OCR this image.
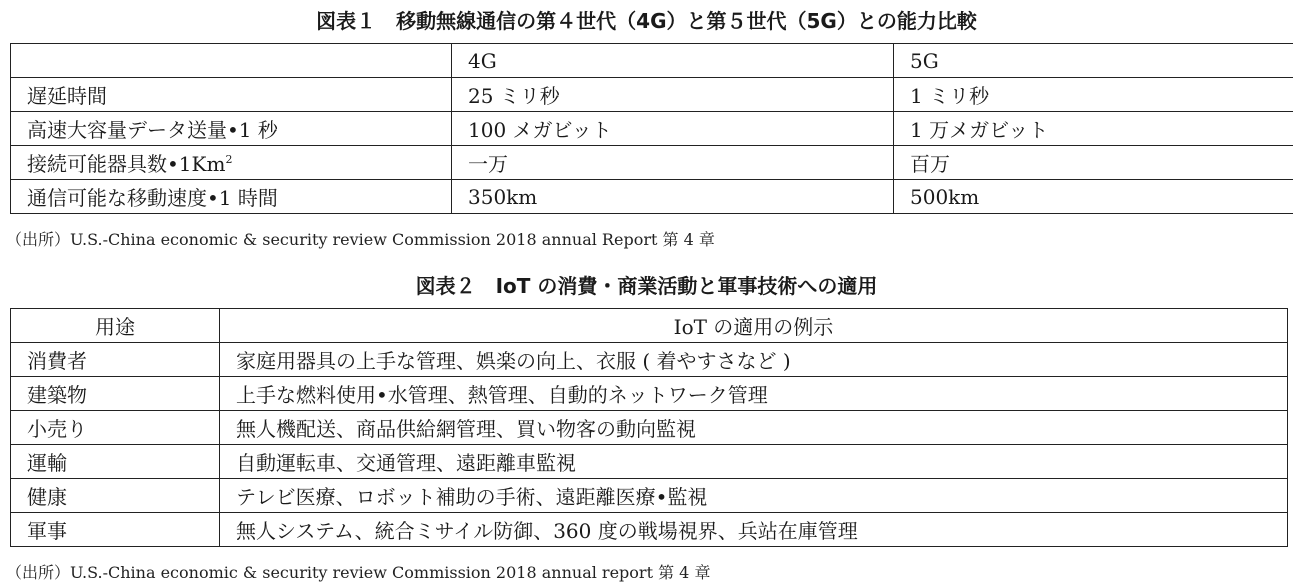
図表１　移動無線通信の第４世代（4G）と第５世代（5G）との能力比較
	4G	5G
遅延時間	25 ミリ秒	1 ミリ秒
高速大容量データ送量•1 秒	100 メガビット	1 万メガビット
接続可能器具数•1Km$^2$	一万	百万
通信可能な移動速度•1 時間	350km	500km
（出所）U.S.-China economic & security review Commission 2018 annual Report 第 4 章
図表２　IoT の消費・商業活動と軍事技術への適用
用途	IoT の適用の例示
消費者	家庭用器具の上手な管理、娯楽の向上、衣服 ( 着やすさなど )
建築物	上手な燃料使用•水管理、熱管理、自動的ネットワーク管理
小売り	無人機配送、商品供給網管理、買い物客の動向監視
運輸	自動運転車、交通管理、遠距離車監視
健康	テレビ医療、ロボット補助の手術、遠距離医療•監視
軍事	無人システム、統合ミサイル防御、360 度の戦場視界、兵站在庫管理
（出所）U.S.-China economic & security review Commission 2018 annual report 第 4 章
